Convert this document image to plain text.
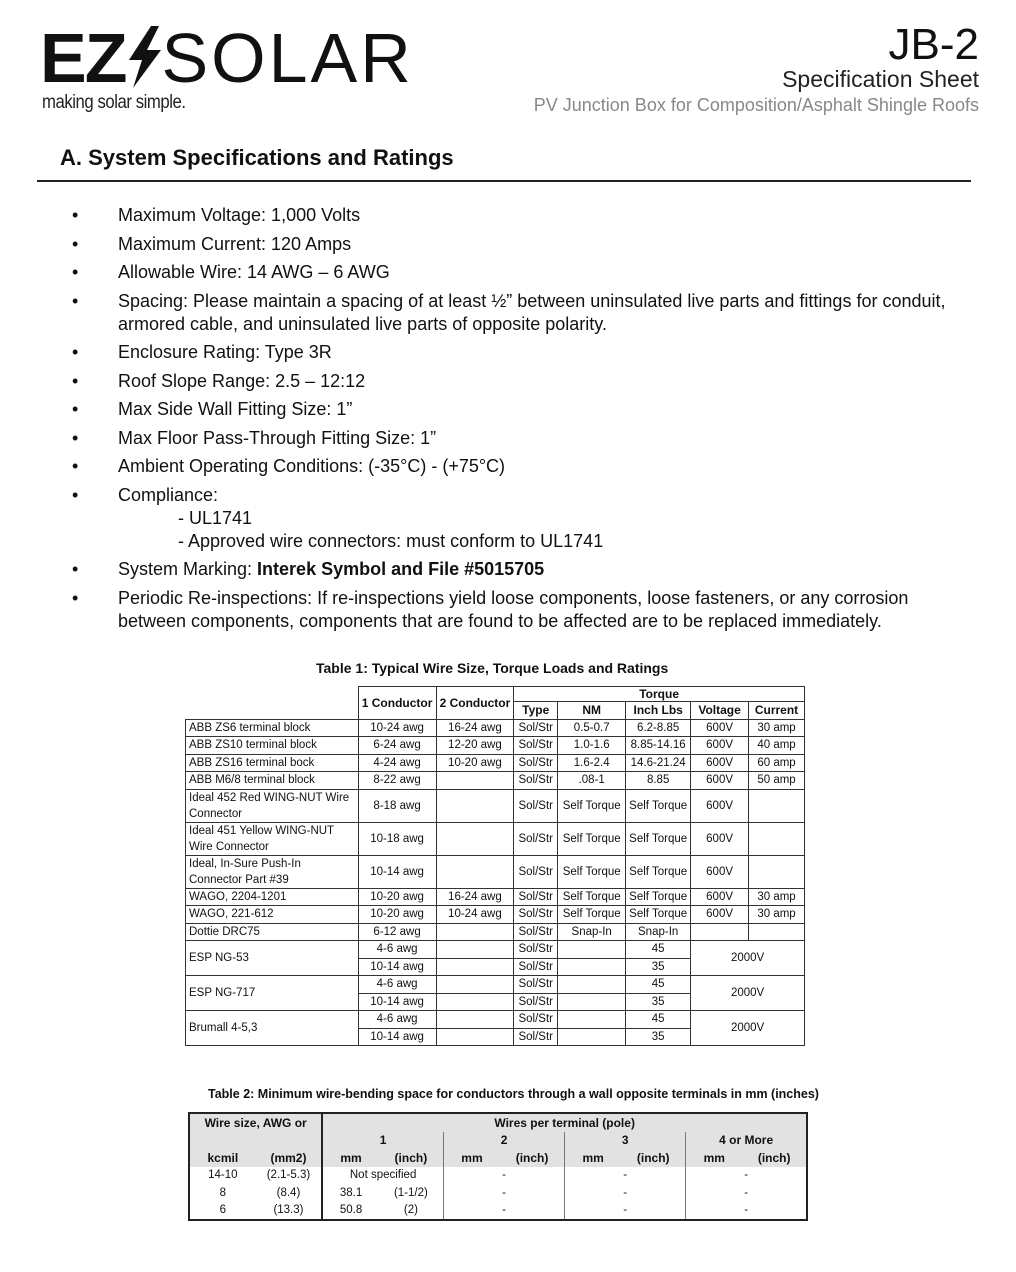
EZ SOLAR
making solar simple.
JB-2
Specification Sheet
PV Junction Box for Composition/Asphalt Shingle Roofs
A. System Specifications and Ratings
• Maximum Voltage: 1,000 Volts
• Maximum Current: 120 Amps
• Allowable Wire: 14 AWG – 6 AWG
• Spacing: Please maintain a spacing of at least ½” between uninsulated live parts and fittings for conduit, armored cable, and uninsulated live parts of opposite polarity.
• Enclosure Rating: Type 3R
• Roof Slope Range: 2.5 – 12:12
• Max Side Wall Fitting Size: 1”
• Max Floor Pass-Through Fitting Size: 1”
• Ambient Operating Conditions: (-35°C) - (+75°C)
• Compliance:
- UL1741
- Approved wire connectors: must conform to UL1741
• System Marking: Interek Symbol and File #5015705
• Periodic Re-inspections: If re-inspections yield loose components, loose fasteners, or any corrosion between components, components that are found to be affected are to be replaced immediately.
Table 1: Typical Wire Size, Torque Loads and Ratings
	1 Conductor	2 Conductor	Torque				
			Type	NM	Inch Lbs	Voltage	Current
ABB ZS6 terminal block	10-24 awg	16-24 awg	Sol/Str	0.5-0.7	6.2-8.85	600V	30 amp
ABB ZS10 terminal block	6-24 awg	12-20 awg	Sol/Str	1.0-1.6	8.85-14.16	600V	40 amp
ABB ZS16 terminal bock	4-24 awg	10-20 awg	Sol/Str	1.6-2.4	14.6-21.24	600V	60 amp
ABB M6/8 terminal block	8-22 awg		Sol/Str	.08-1	8.85	600V	50 amp
Ideal 452 Red WING-NUT Wire Connector	8-18 awg		Sol/Str	Self Torque	Self Torque	600V	
Ideal 451 Yellow WING-NUT Wire Connector	10-18 awg		Sol/Str	Self Torque	Self Torque	600V	
Ideal, In-Sure Push-In Connector Part #39	10-14 awg		Sol/Str	Self Torque	Self Torque	600V	
WAGO, 2204-1201	10-20 awg	16-24 awg	Sol/Str	Self Torque	Self Torque	600V	30 amp
WAGO, 221-612	10-20 awg	10-24 awg	Sol/Str	Self Torque	Self Torque	600V	30 amp
Dottie DRC75	6-12 awg		Sol/Str	Snap-In	Snap-In		
ESP NG-53	4-6 awg		Sol/Str		45	2000V	
	10-14 awg		Sol/Str		35		
ESP NG-717	4-6 awg		Sol/Str		45	2000V	
	10-14 awg		Sol/Str		35		
Brumall 4-5,3	4-6 awg		Sol/Str		45	2000V	
	10-14 awg		Sol/Str		35		
Table 2: Minimum wire-bending space for conductors through a wall opposite terminals in mm (inches)
Wire size, AWG or		Wires per terminal (pole)							
		1		2		3		4 or More	
kcmil	(mm2)	mm	(inch)	mm	(inch)	mm	(inch)	mm	(inch)
14-10	(2.1-5.3)	Not specified		-		-		-	
8	(8.4)	38.1	(1-1/2)	-		-		-	
6	(13.3)	50.8	(2)	-		-		-	
